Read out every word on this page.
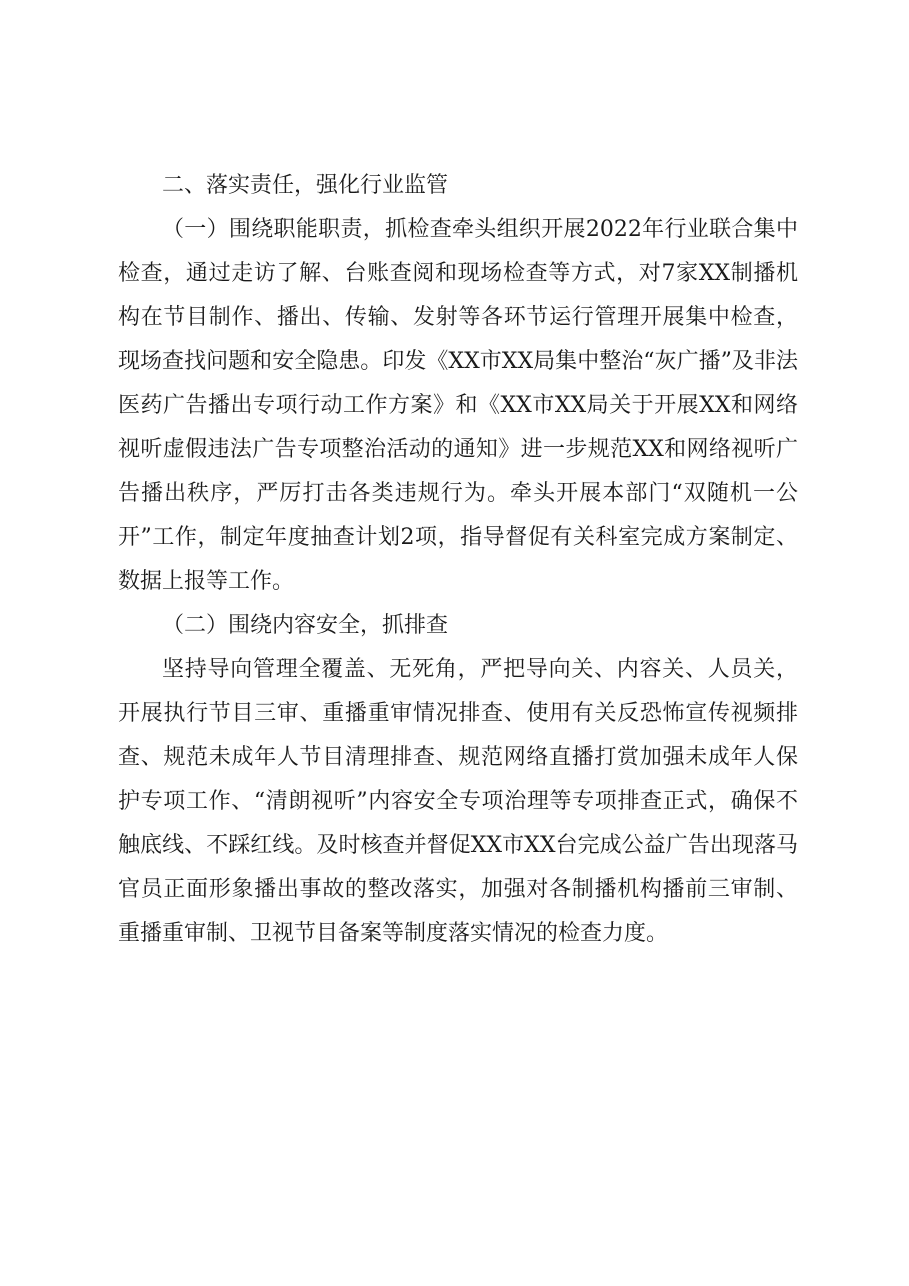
二、落实责任，强化行业监管

（一）围绕职能职责，抓检查牵头组织开展2022年行业联合集中检查，通过走访了解、台账查阅和现场检查等方式，对7家XX制播机构在节目制作、播出、传输、发射等各环节运行管理开展集中检查，现场查找问题和安全隐患。印发《XX市XX局集中整治“灰广播”及非法医药广告播出专项行动工作方案》和《XX市XX局关于开展XX和网络视听虚假违法广告专项整治活动的通知》进一步规范XX和网络视听广告播出秩序，严厉打击各类违规行为。牵头开展本部门“双随机一公开”工作，制定年度抽查计划2项，指导督促有关科室完成方案制定、数据上报等工作。

（二）围绕内容安全，抓排查

坚持导向管理全覆盖、无死角，严把导向关、内容关、人员关，开展执行节目三审、重播重审情况排查、使用有关反恐怖宣传视频排查、规范未成年人节目清理排查、规范网络直播打赏加强未成年人保护专项工作、“清朗视听”内容安全专项治理等专项排查正式，确保不触底线、不踩红线。及时核查并督促XX市XX台完成公益广告出现落马官员正面形象播出事故的整改落实，加强对各制播机构播前三审制、重播重审制、卫视节目备案等制度落实情况的检查力度。
